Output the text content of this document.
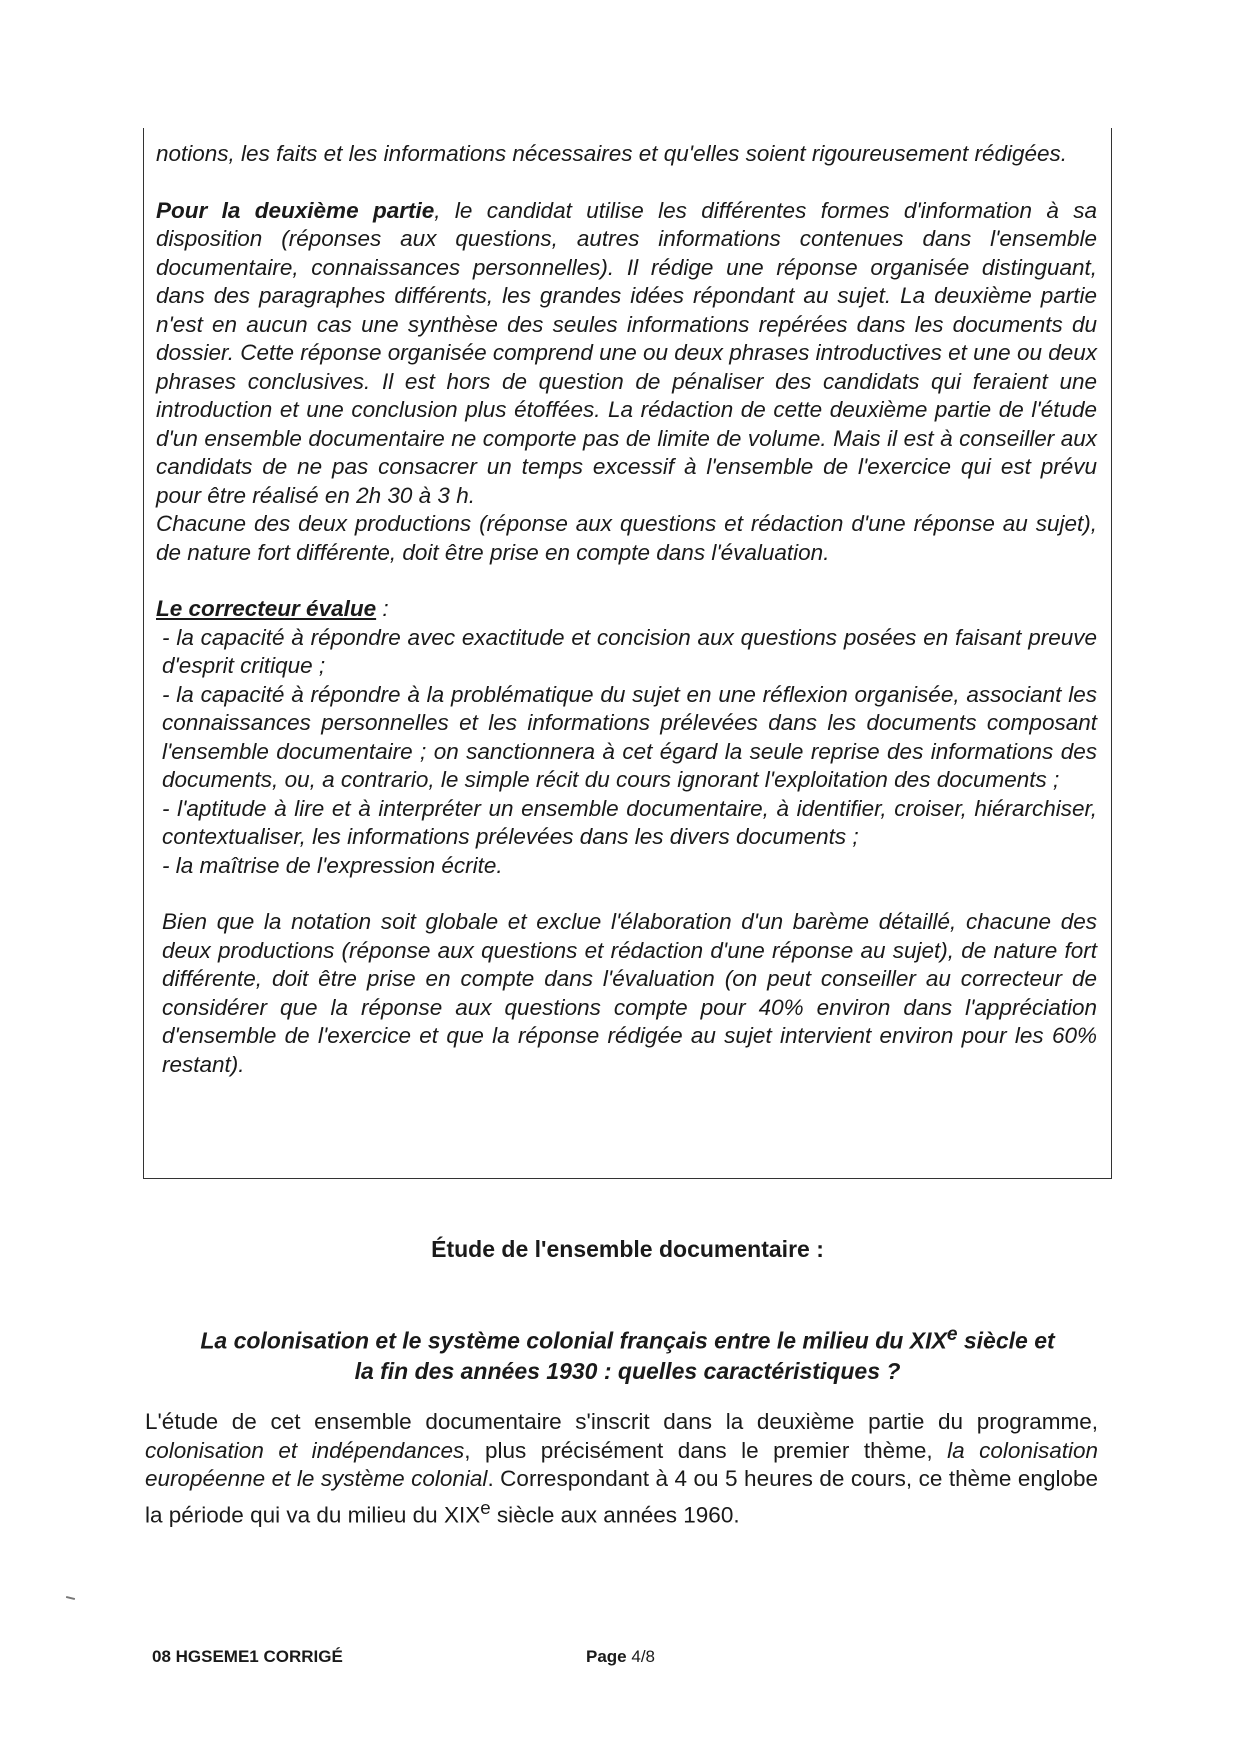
notions, les faits et les informations nécessaires et qu'elles soient rigoureusement rédigées.

Pour la deuxième partie, le candidat utilise les différentes formes d'information à sa disposition (réponses aux questions, autres informations contenues dans l'ensemble documentaire, connaissances personnelles). Il rédige une réponse organisée distinguant, dans des paragraphes différents, les grandes idées répondant au sujet. La deuxième partie n'est en aucun cas une synthèse des seules informations repérées dans les documents du dossier. Cette réponse organisée comprend une ou deux phrases introductives et une ou deux phrases conclusives. Il est hors de question de pénaliser des candidats qui feraient une introduction et une conclusion plus étoffées. La rédaction de cette deuxième partie de l'étude d'un ensemble documentaire ne comporte pas de limite de volume. Mais il est à conseiller aux candidats de ne pas consacrer un temps excessif à l'ensemble de l'exercice qui est prévu pour être réalisé en 2h 30 à 3 h.

Chacune des deux productions (réponse aux questions et rédaction d'une réponse au sujet), de nature fort différente, doit être prise en compte dans l'évaluation.

Le correcteur évalue :

- la capacité à répondre avec exactitude et concision aux questions posées en faisant preuve d'esprit critique ;

- la capacité à répondre à la problématique du sujet en une réflexion organisée, associant les connaissances personnelles et les informations prélevées dans les documents composant l'ensemble documentaire ; on sanctionnera à cet égard la seule reprise des informations des documents, ou, a contrario, le simple récit du cours ignorant l'exploitation des documents ;

- l'aptitude à lire et à interpréter un ensemble documentaire, à identifier, croiser, hiérarchiser, contextualiser, les informations prélevées dans les divers documents ;

- la maîtrise de l'expression écrite.

Bien que la notation soit globale et exclue l'élaboration d'un barème détaillé, chacune des deux productions (réponse aux questions et rédaction d'une réponse au sujet), de nature fort différente, doit être prise en compte dans l'évaluation (on peut conseiller au correcteur de considérer que la réponse aux questions compte pour 40% environ dans l'appréciation d'ensemble de l'exercice et que la réponse rédigée au sujet intervient environ pour les 60% restant).

Étude de l'ensemble documentaire :
La colonisation et le système colonial français entre le milieu du XIXe siècle et
la fin des années 1930 : quelles caractéristiques ?

L'étude de cet ensemble documentaire s'inscrit dans la deuxième partie du programme, colonisation et indépendances, plus précisément dans le premier thème, la colonisation européenne et le système colonial. Correspondant à 4 ou 5 heures de cours, ce thème englobe la période qui va du milieu du XIXe siècle aux années 1960.

08 HGSEME1 CORRIGÉ	Page 4/8
